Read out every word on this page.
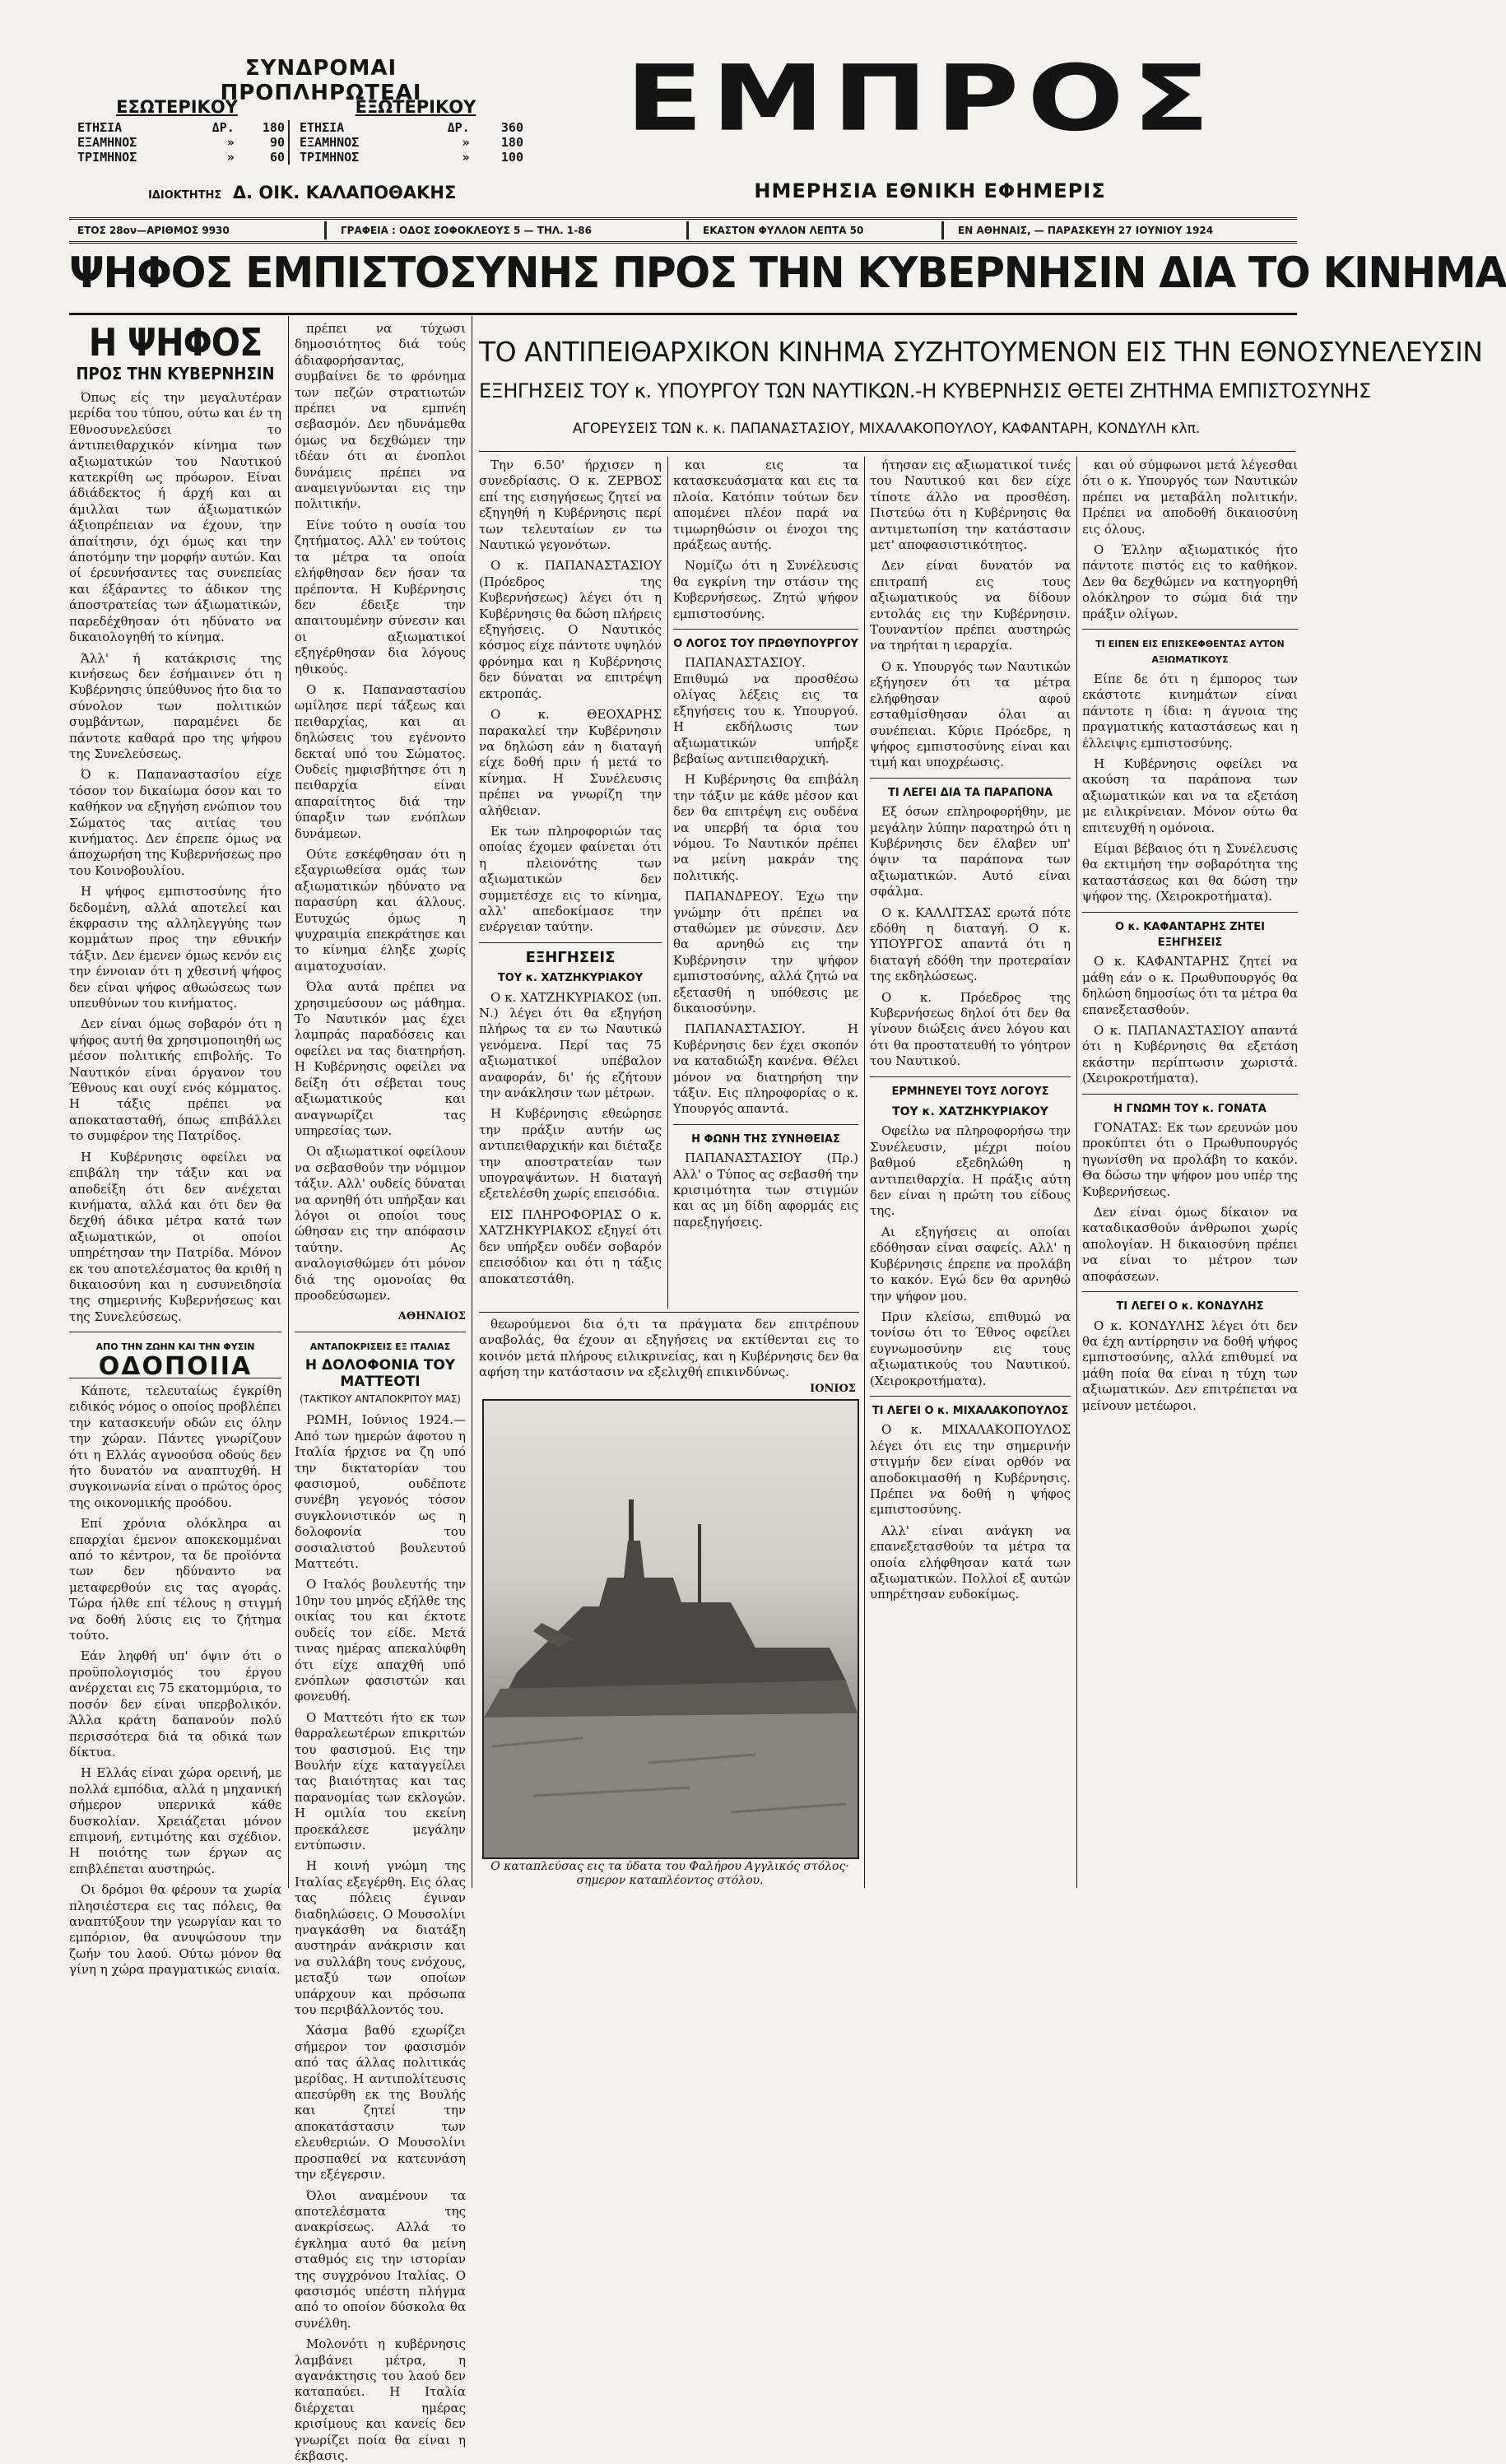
ΣΥΝΔΡΟΜΑΙ ΠΡΟΠΛΗΡΩΤΕΑΙ
ΕΣΩΤΕΡΙΚΟΥ	ΕΞΩΤΕΡΙΚΟΥ
ΕΤΗΣΙΑ	ΔΡ.	180
ΕΞΑΜΗΝΟΣ	»	90
ΤΡΙΜΗΝΟΣ	»	60
ΕΤΗΣΙΑ	ΔΡ.	360
ΕΞΑΜΗΝΟΣ	»	180
ΤΡΙΜΗΝΟΣ	»	100
ΙΔΙΟΚΤΗΤΗΣ Δ. ΟΙΚ. ΚΑΛΑΠΟΘΑΚΗΣ
ΕΜΠΡΟΣ
ΗΜΕΡΗΣΙΑ ΕΘΝΙΚΗ ΕΦΗΜΕΡΙΣ
ΕΤΟΣ 28ον—ΑΡΙΘΜΟΣ 9930	ΓΡΑΦΕΙΑ : ΟΔΟΣ ΣΟΦΟΚΛΕΟΥΣ 5 — ΤΗΛ. 1-86	ΕΚΑΣΤΟΝ ΦΥΛΛΟΝ ΛΕΠΤΑ 50	ΕΝ ΑΘΗΝΑΙΣ, — ΠΑΡΑΣΚΕΥΗ 27 ΙΟΥΝΙΟΥ 1924
ΨΗΦΟΣ ΕΜΠΙΣΤΟΣΥΝΗΣ ΠΡΟΣ ΤΗΝ ΚΥΒΕΡΝΗΣΙΝ ΔΙΑ ΤΟ ΚΙΝΗΜΑ
Η ΨΗΦΟΣ
ΠΡΟΣ ΤΗΝ ΚΥΒΕΡΝΗΣΙΝ

Όπως είς την μεγαλυτέραν μερίδα του τύπου, ούτω και έν τη Εθνοσυνελεύσει το άντιπειθαρχικόν κίνημα των αξιωματικών του Ναυτικού κατεκρίθη ως πρόωρον. Είναι άδιάδεκτος ή άρχή και αι άμιλλαι των άξιωματικών άξιοπρέπειαν να έχουν, την άπαίτησιν, όχι όμως και την άποτόμην την μορφήν αυτών. Και οί έρευνήσαντες τας συνεπείας και έξάραντες το άδικον της άποστρατείας των άξιωματικών, παρεδέχθησαν ότι ηδύνατο να δικαιολογηθή το κίνημα.

Άλλ' ή κατάκρισις της κινήσεως δεν έσήμαινεν ότι η Κυβέρνησις ύπεύθυνος ήτο δια το σύνολον των πολιτικών συμβάντων, παραμένει δε πάντοτε καθαρά προ της ψήφου της Συνελεύσεως.

Ό κ. Παπαναστασίου είχε τόσον τον δικαίωμα όσον και το καθήκον να εξηγήση ενώπιον του Σώματος τας αιτίας του κινήματος. Δεν έπρεπε όμως να άποχωρήση της Κυβερνήσεως προ του Κοινοβουλίου.

Η ψήφος εμπιστοσύνης ήτο δεδομένη, αλλά αποτελεί και έκφρασιν της αλληλεγγύης των κομμάτων προς την εθνικήν τάξιν. Δεν έμενεν όμως κενόν εις την έννοιαν ότι η χθεσινή ψήφος δεν είναι ψήφος αθωώσεως των υπευθύνων του κινήματος.

Δεν είναι όμως σοβαρόν ότι η ψήφος αυτή θα χρησιμοποιηθή ως μέσον πολιτικής επιβολής. Το Ναυτικόν είναι όργανον του Έθνους και ουχί ενός κόμματος. Η τάξις πρέπει να αποκατασταθή, όπως επιβάλλει το συμφέρον της Πατρίδος.

Η Κυβέρνησις οφείλει να επιβάλη την τάξιν και να αποδείξη ότι δεν ανέχεται κινήματα, αλλά και ότι δεν θα δεχθή άδικα μέτρα κατά των αξιωματικών, οι οποίοι υπηρέτησαν την Πατρίδα. Μόνον εκ του αποτελέσματος θα κριθή η δικαιοσύνη και η ευσυνειδησία της σημερινής Κυβερνήσεως και της Συνελεύσεως.

ΑΠΟ ΤΗΝ ΖΩΗΝ ΚΑΙ ΤΗΝ ΦΥΣΙΝ
ΟΔΟΠΟΙΙΑ

Κάποτε, τελευταίως έγκρίθη ειδικός νόμος ο οποίος προβλέπει την κατασκευήν οδών εις όλην την χώραν. Πάντες γνωρίζουν ότι η Ελλάς αγνοούσα οδούς δεν ήτο δυνατόν να αναπτυχθή. Η συγκοινωνία είναι ο πρώτος όρος της οικονομικής προόδου.

Επί χρόνια ολόκληρα αι επαρχίαι έμενον αποκεκομμέναι από το κέντρον, τα δε προϊόντα των δεν ηδύναντο να μεταφερθούν εις τας αγοράς. Τώρα ήλθε επί τέλους η στιγμή να δοθή λύσις εις το ζήτημα τούτο.

Εάν ληφθή υπ' όψιν ότι ο προϋπολογισμός του έργου ανέρχεται εις 75 εκατομμύρια, το ποσόν δεν είναι υπερβολικόν. Άλλα κράτη δαπανούν πολύ περισσότερα διά τα οδικά των δίκτυα.

Η Ελλάς είναι χώρα ορεινή, με πολλά εμπόδια, αλλά η μηχανική σήμερον υπερνικά κάθε δυσκολίαν. Χρειάζεται μόνον επιμονή, εντιμότης και σχέδιον. Η ποιότης των έργων ας επιβλέπεται αυστηρώς.

Οι δρόμοι θα φέρουν τα χωρία πλησιέστερα εις τας πόλεις, θα αναπτύξουν την γεωργίαν και το εμπόριον, θα ανυψώσουν την ζωήν του λαού. Ούτω μόνον θα γίνη η χώρα πραγματικώς ενιαία.

πρέπει να τύχωσι δημοσιότητος διά τούς άδιαφορήσαντας, συμβαίνει δε το φρόνημα των πεζών στρατιωτών πρέπει να εμπνέη σεβασμόν. Δεν ηδυνάμεθα όμως να δεχθώμεν την ιδέαν ότι αι ένοπλοι δυνάμεις πρέπει να αναμειγνύωνται εις την πολιτικήν.

Είνε τούτο η ουσία του ζητήματος. Αλλ' εν τούτοις τα μέτρα τα οποία ελήφθησαν δεν ήσαν τα πρέποντα. Η Κυβέρνησις δεν έδειξε την απαιτουμένην σύνεσιν και οι αξιωματικοί εξηγέρθησαν δια λόγους ηθικούς.

Ο κ. Παπαναστασίου ωμίλησε περί τάξεως και πειθαρχίας, και αι δηλώσεις του εγένοντο δεκταί υπό του Σώματος. Ουδείς ημφισβήτησε ότι η πειθαρχία είναι απαραίτητος διά την ύπαρξιν των ενόπλων δυνάμεων.

Ούτε εσκέφθησαν ότι η εξαγριωθείσα ομάς των αξιωματικών ηδύνατο να παρασύρη και άλλους. Ευτυχώς όμως η ψυχραιμία επεκράτησε και το κίνημα έληξε χωρίς αιματοχυσίαν.

Όλα αυτά πρέπει να χρησιμεύσουν ως μάθημα. Το Ναυτικόν μας έχει λαμπράς παραδόσεις και οφείλει να τας διατηρήση. Η Κυβέρνησις οφείλει να δείξη ότι σέβεται τους αξιωματικούς και αναγνωρίζει τας υπηρεσίας των.

Οι αξιωματικοί οφείλουν να σεβασθούν την νόμιμον τάξιν. Αλλ' ουδείς δύναται να αρνηθή ότι υπήρξαν και λόγοι οι οποίοι τους ώθησαν εις την απόφασιν ταύτην. Ας αναλογισθώμεν ότι μόνον διά της ομονοίας θα προοδεύσωμεν.

ΑΘΗΝΑΙΟΣ
ΑΝΤΑΠΟΚΡΙΣΕΙΣ ΕΞ ΙΤΑΛΙΑΣ
Η ΔΟΛΟΦΟΝΙΑ ΤΟΥ ΜΑΤΤΕΟΤΙ
(ΤΑΚΤΙΚΟΥ ΑΝΤΑΠΟΚΡΙΤΟΥ ΜΑΣ)

ΡΩΜΗ, Ιούνιος 1924.— Από των ημερών άφοτου η Ιταλία ήρχισε να ζη υπό την δικτατορίαν του φασισμού, ουδέποτε συνέβη γεγονός τόσον συγκλονιστικόν ως η δολοφονία του σοσιαλιστού βουλευτού Ματτεότι.

Ο Ιταλός βουλευτής την 10ην του μηνός εξήλθε της οικίας του και έκτοτε ουδείς τον είδε. Μετά τινας ημέρας απεκαλύφθη ότι είχε απαχθή υπό ενόπλων φασιστών και φονευθή.

Ο Ματτεότι ήτο εκ των θαρραλεωτέρων επικριτών του φασισμού. Εις την Βουλήν είχε καταγγείλει τας βιαιότητας και τας παρανομίας των εκλογών. Η ομιλία του εκείνη προεκάλεσε μεγάλην εντύπωσιν.

Η κοινή γνώμη της Ιταλίας εξεγέρθη. Εις όλας τας πόλεις έγιναν διαδηλώσεις. Ο Μουσολίνι ηναγκάσθη να διατάξη αυστηράν ανάκρισιν και να συλλάβη τους ενόχους, μεταξύ των οποίων υπάρχουν και πρόσωπα του περιβάλλοντός του.

Χάσμα βαθύ εχωρίζει σήμερον τον φασισμόν από τας άλλας πολιτικάς μερίδας. Η αντιπολίτευσις απεσύρθη εκ της Βουλής και ζητεί την αποκατάστασιν των ελευθεριών. Ο Μουσολίνι προσπαθεί να κατευνάση την εξέγερσιν.

Όλοι αναμένουν τα αποτελέσματα της ανακρίσεως. Αλλά το έγκλημα αυτό θα μείνη σταθμός εις την ιστορίαν της συγχρόνου Ιταλίας. Ο φασισμός υπέστη πλήγμα από το οποίον δύσκολα θα συνέλθη.

Μολονότι η κυβέρνησις λαμβάνει μέτρα, η αγανάκτησις του λαού δεν καταπαύει. Η Ιταλία διέρχεται ημέρας κρισίμους και κανείς δεν γνωρίζει ποία θα είναι η έκβασις.

ΤΟ ΑΝΤΙΠΕΙΘΑΡΧΙΚΟΝ ΚΙΝΗΜΑ ΣΥΖΗΤΟΥΜΕΝΟΝ ΕΙΣ ΤΗΝ ΕΘΝΟΣΥΝΕΛΕΥΣΙΝ
ΕΞΗΓΗΣΕΙΣ ΤΟΥ κ. ΥΠΟΥΡΓΟΥ ΤΩΝ ΝΑΥΤΙΚΩΝ.-Η ΚΥΒΕΡΝΗΣΙΣ ΘΕΤΕΙ ΖΗΤΗΜΑ ΕΜΠΙΣΤΟΣΥΝΗΣ
ΑΓΟΡΕΥΣΕΙΣ ΤΩΝ κ. κ. ΠΑΠΑΝΑΣΤΑΣΙΟΥ, ΜΙΧΑΛΑΚΟΠΟΥΛΟΥ, ΚΑΦΑΝΤΑΡΗ, ΚΟΝΔΥΛΗ κλπ.

Την 6.50' ήρχισεν η συνεδρίασις. Ο κ. ΖΕΡΒΟΣ επί της εισηγήσεως ζητεί να εξηγηθή η Κυβέρνησις περί των τελευταίων εν τω Ναυτικώ γεγονότων.

Ο κ. ΠΑΠΑΝΑΣΤΑΣΙΟΥ (Πρόεδρος της Κυβερνήσεως) λέγει ότι η Κυβέρνησις θα δώση πλήρεις εξηγήσεις. Ο Ναυτικός κόσμος είχε πάντοτε υψηλόν φρόνημα και η Κυβέρνησις δεν δύναται να επιτρέψη εκτροπάς.

Ο κ. ΘΕΟΧΑΡΗΣ παρακαλεί την Κυβέρνησιν να δηλώση εάν η διαταγή είχε δοθή πριν ή μετά το κίνημα. Η Συνέλευσις πρέπει να γνωρίζη την αλήθειαν.

Εκ των πληροφοριών τας οποίας έχομεν φαίνεται ότι η πλειονότης των αξιωματικών δεν συμμετέσχε εις το κίνημα, αλλ' απεδοκίμασε την ενέργειαν ταύτην.

ΕΞΗΓΗΣΕΙΣ
ΤΟΥ κ. ΧΑΤΖΗΚΥΡΙΑΚΟΥ

Ο κ. ΧΑΤΖΗΚΥΡΙΑΚΟΣ (υπ. Ν.) λέγει ότι θα εξηγήση πλήρως τα εν τω Ναυτικώ γενόμενα. Περί τας 75 αξιωματικοί υπέβαλον αναφοράν, δι' ής εζήτουν την ανάκλησιν των μέτρων.

Η Κυβέρνησις εθεώρησε την πράξιν αυτήν ως αντιπειθαρχικήν και διέταξε την αποστρατείαν των υπογραψάντων. Η διαταγή εξετελέσθη χωρίς επεισόδια.

ΕΙΣ ΠΛΗΡΟΦΟΡΙΑΣ Ο κ. ΧΑΤΖΗΚΥΡΙΑΚΟΣ εξηγεί ότι δεν υπήρξεν ουδέν σοβαρόν επεισόδιον και ότι η τάξις αποκατεστάθη.

και εις τα κατασκευάσματα και εις τα πλοία. Κατόπιν τούτων δεν απομένει πλέον παρά να τιμωρηθώσιν οι ένοχοι της πράξεως αυτής.

Νομίζω ότι η Συνέλευσις θα εγκρίνη την στάσιν της Κυβερνήσεως. Ζητώ ψήφον εμπιστοσύνης.

Ο ΛΟΓΟΣ ΤΟΥ ΠΡΩΘΥΠΟΥΡΓΟΥ

ΠΑΠΑΝΑΣΤΑΣΙΟΥ. Επιθυμώ να προσθέσω ολίγας λέξεις εις τα εξηγήσεις του κ. Υπουργού. Η εκδήλωσις των αξιωματικών υπήρξε βεβαίως αντιπειθαρχική.

Η Κυβέρνησις θα επιβάλη την τάξιν με κάθε μέσον και δεν θα επιτρέψη εις ουδένα να υπερβή τα όρια του νόμου. Το Ναυτικόν πρέπει να μείνη μακράν της πολιτικής.

ΠΑΠΑΝΔΡΕΟΥ. Έχω την γνώμην ότι πρέπει να σταθώμεν με σύνεσιν. Δεν θα αρνηθώ εις την Κυβέρνησιν την ψήφον εμπιστοσύνης, αλλά ζητώ να εξετασθή η υπόθεσις με δικαιοσύνην.

ΠΑΠΑΝΑΣΤΑΣΙΟΥ. Η Κυβέρνησις δεν έχει σκοπόν να καταδιώξη κανένα. Θέλει μόνον να διατηρήση την τάξιν. Εις πληροφορίας ο κ. Υπουργός απαντά.

Η ΦΩΝΗ ΤΗΣ ΣΥΝΗΘΕΙΑΣ

ΠΑΠΑΝΑΣΤΑΣΙΟΥ (Πρ.) Αλλ' ο Τύπος ας σεβασθή την κρισιμότητα των στιγμών και ας μη δίδη αφορμάς εις παρεξηγήσεις.

θεωρούμενοι δια ό,τι τα πράγματα δεν επιτρέπουν αναβολάς, θα έχουν αι εξηγήσεις να εκτίθενται εις το κοινόν μετά πλήρους ειλικρινείας, και η Κυβέρνησις δεν θα αφήση την κατάστασιν να εξελιχθή επικινδύνως.

ΙΟΝΙΟΣ
Ο καταπλεύσας εις τα ύδατα του Φαλήρου Αγγλικός στόλος· σημερον καταπλέοντος στόλου.

ήτησαν εις αξιωματικοί τινές του Ναυτικού και δεν είχε τίποτε άλλο να προσθέση. Πιστεύω ότι η Κυβέρνησις θα αντιμετωπίση την κατάστασιν μετ' αποφασιστικότητος.

Δεν είναι δυνατόν να επιτραπή εις τους αξιωματικούς να δίδουν εντολάς εις την Κυβέρνησιν. Τουναντίον πρέπει αυστηρώς να τηρήται η ιεραρχία.

Ο κ. Υπουργός των Ναυτικών εξήγησεν ότι τα μέτρα ελήφθησαν αφού εσταθμίσθησαν όλαι αι συνέπειαι. Κύριε Πρόεδρε, η ψήφος εμπιστοσύνης είναι και τιμή και υποχρέωσις.

ΤΙ ΛΕΓΕΙ ΔΙΑ ΤΑ ΠΑΡΑΠΟΝΑ

Εξ όσων επληροφορήθην, με μεγάλην λύπην παρατηρώ ότι η Κυβέρνησις δεν έλαβεν υπ' όψιν τα παράπονα των αξιωματικών. Αυτό είναι σφάλμα.

Ο κ. ΚΑΛΛΙΤΣΑΣ ερωτά πότε εδόθη η διαταγή. Ο κ. ΥΠΟΥΡΓΟΣ απαντά ότι η διαταγή εδόθη την προτεραίαν της εκδηλώσεως.

Ο κ. Πρόεδρος της Κυβερνήσεως δηλοί ότι δεν θα γίνουν διώξεις άνευ λόγου και ότι θα προστατευθή το γόητρον του Ναυτικού.

ΕΡΜΗΝΕΥΕΙ ΤΟΥΣ ΛΟΓΟΥΣ
ΤΟΥ κ. ΧΑΤΖΗΚΥΡΙΑΚΟΥ

Οφείλω να πληροφορήσω την Συνέλευσιν, μέχρι ποίου βαθμού εξεδηλώθη η αντιπειθαρχία. Η πράξις αύτη δεν είναι η πρώτη του είδους της.

Αι εξηγήσεις αι οποίαι εδόθησαν είναι σαφείς. Αλλ' η Κυβέρνησις έπρεπε να προλάβη το κακόν. Εγώ δεν θα αρνηθώ την ψήφον μου.

Πριν κλείσω, επιθυμώ να τονίσω ότι το Έθνος οφείλει ευγνωμοσύνην εις τους αξιωματικούς του Ναυτικού. (Χειροκροτήματα).

ΤΙ ΛΕΓΕΙ Ο κ. ΜΙΧΑΛΑΚΟΠΟΥΛΟΣ

Ο κ. ΜΙΧΑΛΑΚΟΠΟΥΛΟΣ λέγει ότι εις την σημερινήν στιγμήν δεν είναι ορθόν να αποδοκιμασθή η Κυβέρνησις. Πρέπει να δοθή η ψήφος εμπιστοσύνης.

Αλλ' είναι ανάγκη να επανεξετασθούν τα μέτρα τα οποία ελήφθησαν κατά των αξιωματικών. Πολλοί εξ αυτών υπηρέτησαν ευδοκίμως.

και ού σύμφωνοι μετά λέγεσθαι ότι ο κ. Υπουργός των Ναυτικών πρέπει να μεταβάλη πολιτικήν. Πρέπει να αποδοθή δικαιοσύνη εις όλους.

Ο Έλλην αξιωματικός ήτο πάντοτε πιστός εις το καθήκον. Δεν θα δεχθώμεν να κατηγορηθή ολόκληρον το σώμα διά την πράξιν ολίγων.

ΤΙ ΕΙΠΕΝ ΕΙΣ ΕΠΙΣΚΕΦΘΕΝΤΑΣ ΑΥΤΟΝ ΑΞΙΩΜΑΤΙΚΟΥΣ

Είπε δε ότι η έμπορος των εκάστοτε κινημάτων είναι πάντοτε η ίδια: η άγνοια της πραγματικής καταστάσεως και η έλλειψις εμπιστοσύνης.

Η Κυβέρνησις οφείλει να ακούση τα παράπονα των αξιωματικών και να τα εξετάση με ειλικρίνειαν. Μόνον ούτω θα επιτευχθή η ομόνοια.

Είμαι βέβαιος ότι η Συνέλευσις θα εκτιμήση την σοβαρότητα της καταστάσεως και θα δώση την ψήφον της. (Χειροκροτήματα).

Ο κ. ΚΑΦΑΝΤΑΡΗΣ ΖΗΤΕΙ ΕΞΗΓΗΣΕΙΣ

Ο κ. ΚΑΦΑΝΤΑΡΗΣ ζητεί να μάθη εάν ο κ. Πρωθυπουργός θα δηλώση δημοσίως ότι τα μέτρα θα επανεξετασθούν.

Ο κ. ΠΑΠΑΝΑΣΤΑΣΙΟΥ απαντά ότι η Κυβέρνησις θα εξετάση εκάστην περίπτωσιν χωριστά. (Χειροκροτήματα).

Η ΓΝΩΜΗ ΤΟΥ κ. ΓΟΝΑΤΑ

ΓΟΝΑΤΑΣ: Εκ των ερευνών μου προκύπτει ότι ο Πρωθυπουργός ηγωνίσθη να προλάβη το κακόν. Θα δώσω την ψήφον μου υπέρ της Κυβερνήσεως.

Δεν είναι όμως δίκαιον να καταδικασθούν άνθρωποι χωρίς απολογίαν. Η δικαιοσύνη πρέπει να είναι το μέτρον των αποφάσεων.

ΤΙ ΛΕΓΕΙ Ο κ. ΚΟΝΔΥΛΗΣ

Ο κ. ΚΟΝΔΥΛΗΣ λέγει ότι δεν θα έχη αντίρρησιν να δοθή ψήφος εμπιστοσύνης, αλλά επιθυμεί να μάθη ποία θα είναι η τύχη των αξιωματικών. Δεν επιτρέπεται να μείνουν μετέωροι.
